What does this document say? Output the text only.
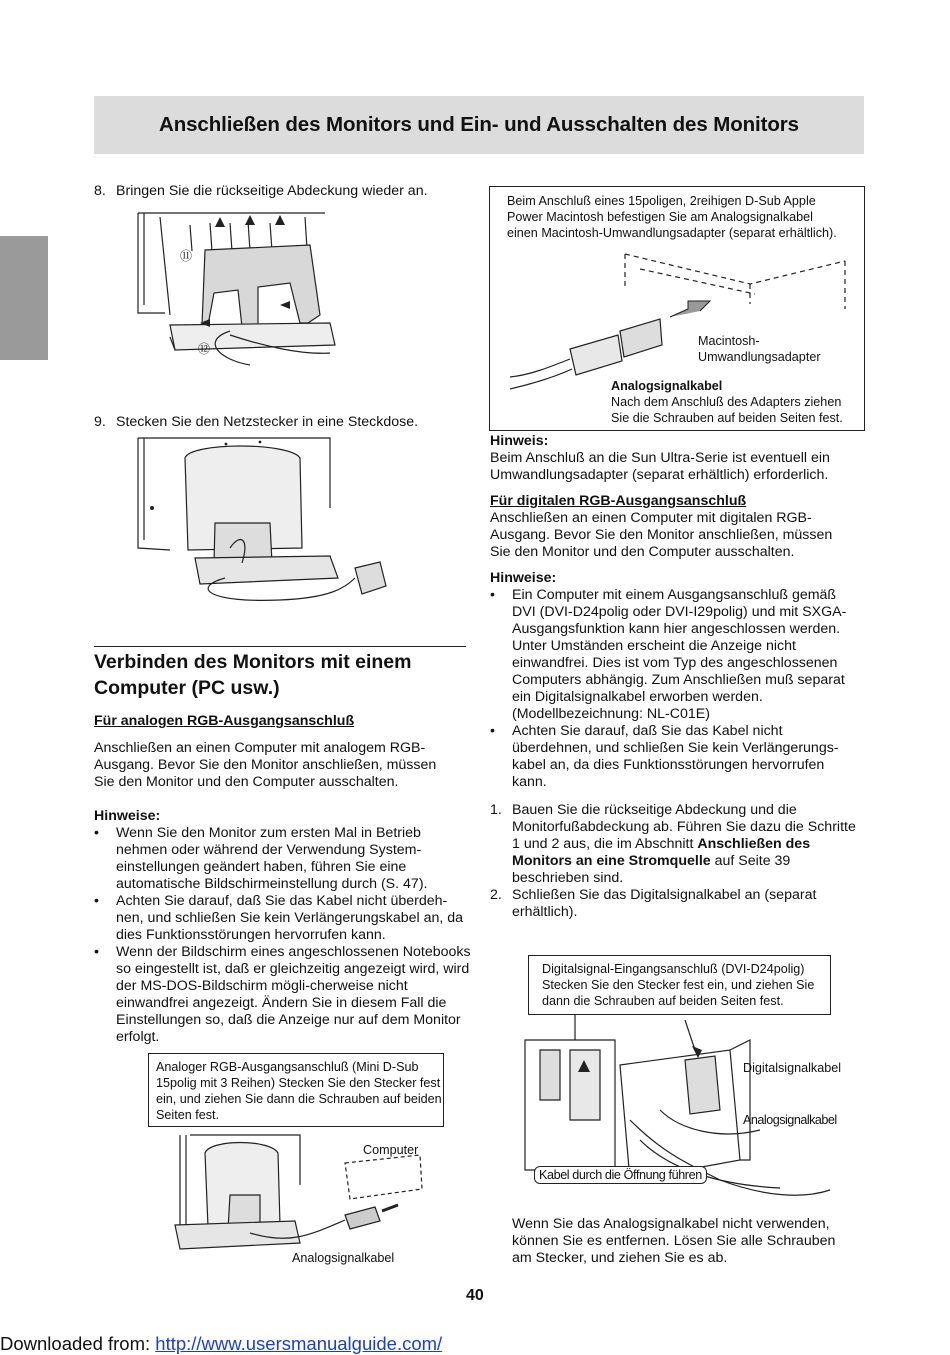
Anschließen des Monitors und Ein- und Ausschalten des Monitors
8. Bringen Sie die rückseitige Abdeckung wieder an.
⑪
⑫
9. Stecken Sie den Netzstecker in eine Steckdose.
Verbinden des Monitors mit einem
Computer (PC usw.)
Für analogen RGB-Ausgangsanschluß
Anschließen an einen Computer mit analogem RGB-Ausgang. Bevor Sie den Monitor anschließen, müssen Sie den Monitor und den Computer ausschalten.
Hinweise:
• Wenn Sie den Monitor zum ersten Mal in Betrieb nehmen oder während der Verwendung System-einstellungen geändert haben, führen Sie eine automatische Bildschirmeinstellung durch (S. 47).
• Achten Sie darauf, daß Sie das Kabel nicht überdeh-nen, und schließen Sie kein Verlängerungskabel an, da dies Funktionsstörungen hervorrufen kann.
• Wenn der Bildschirm eines angeschlossenen Notebooks so eingestellt ist, daß er gleichzeitig angezeigt wird, wird der MS-DOS-Bildschirm mögli-cherweise nicht einwandfrei angezeigt. Ändern Sie in diesem Fall die Einstellungen so, daß die Anzeige nur auf dem Monitor erfolgt.
Analoger RGB-Ausgangsanschluß (Mini D-Sub 15polig mit 3 Reihen) Stecken Sie den Stecker fest ein, und ziehen Sie dann die Schrauben auf beiden Seiten fest.
Computer
Analogsignalkabel
Beim Anschluß eines 15poligen, 2reihigen D-Sub Apple Power Macintosh befestigen Sie am Analogsignalkabel einen Macintosh-Umwandlungsadapter (separat erhältlich).
Macintosh-
Umwandlungsadapter
Analogsignalkabel
Nach dem Anschluß des Adapters ziehen
Sie die Schrauben auf beiden Seiten fest.
Hinweis:
Beim Anschluß an die Sun Ultra-Serie ist eventuell ein Umwandlungsadapter (separat erhältlich) erforderlich.
Für digitalen RGB-Ausgangsanschluß
Anschließen an einen Computer mit digitalen RGB-Ausgang. Bevor Sie den Monitor anschließen, müssen Sie den Monitor und den Computer ausschalten.
Hinweise:
• Ein Computer mit einem Ausgangsanschluß gemäß DVI (DVI-D24polig oder DVI-I29polig) und mit SXGA-Ausgangsfunktion kann hier angeschlossen werden. Unter Umständen erscheint die Anzeige nicht einwandfrei. Dies ist vom Typ des angeschlossenen Computers abhängig. Zum Anschließen muß separat ein Digitalsignalkabel erworben werden. (Modellbezeichnung: NL-C01E)
• Achten Sie darauf, daß Sie das Kabel nicht überdehnen, und schließen Sie kein Verlängerungs-kabel an, da dies Funktionsstörungen hervorrufen kann.
1. Bauen Sie die rückseitige Abdeckung und die Monitorfußabdeckung ab. Führen Sie dazu die Schritte 1 und 2 aus, die im Abschnitt Anschließen des Monitors an eine Stromquelle auf Seite 39 beschrieben sind.
2. Schließen Sie das Digitalsignalkabel an (separat erhältlich).
Digitalsignal-Eingangsanschluß (DVI-D24polig) Stecken Sie den Stecker fest ein, und ziehen Sie dann die Schrauben auf beiden Seiten fest.
Digitalsignalkabel
Analogsignalkabel
Kabel durch die Öffnung führen
Wenn Sie das Analogsignalkabel nicht verwenden, können Sie es entfernen. Lösen Sie alle Schrauben am Stecker, und ziehen Sie es ab.
40
Downloaded from: http://www.usersmanualguide.com/
